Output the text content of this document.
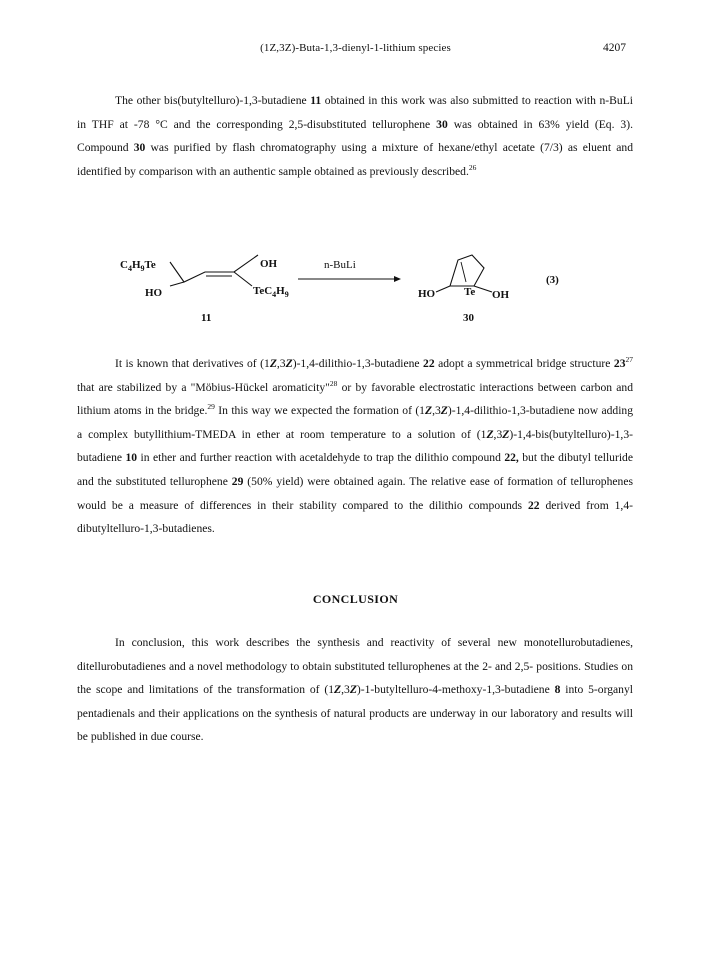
(1Z,3Z)-Buta-1,3-dienyl-1-lithium species	4207

The other bis(butyltelluro)-1,3-butadiene 11 obtained in this work was also submitted to reaction with n-BuLi in THF at -78 °C and the corresponding 2,5-disubstituted tellurophene 30 was obtained in 63% yield (Eq. 3). Compound 30 was purified by flash chromatography using a mixture of hexane/ethyl acetate (7/3) as eluent and identified by comparison with an authentic sample obtained as previously described.$^{26}$

$C_4H_9Te$	OH
HO	$TeC_4H_9$
n-BuLi
HO	Te OH
(3)
11	30

It is known that derivatives of (1Z,3Z)-1,4-dilithio-1,3-butadiene 22 adopt a symmetrical bridge structure $23^{27}$ that are stabilized by a "Möbius-Hückel aromaticity"$^{28}$ or by favorable electrostatic interactions between carbon and lithium atoms in the bridge.$^{29}$ In this way we expected the formation of (1Z,3Z)-1,4-dilithio-1,3-butadiene now adding a complex butyllithium-TMEDA in ether at room temperature to a solution of (1Z,3Z)-1,4-bis(butyltelluro)-1,3-butadiene 10 in ether and further reaction with acetaldehyde to trap the dilithio compound 22, but the dibutyl telluride and the substituted tellurophene 29 (50% yield) were obtained again. The relative ease of formation of tellurophenes would be a measure of differences in their stability compared to the dilithio compounds 22 derived from 1,4-dibutyltelluro-1,3-butadienes.

CONCLUSION

In conclusion, this work describes the synthesis and reactivity of several new monotellurobutadienes, ditellurobutadienes and a novel methodology to obtain substituted tellurophenes at the 2- and 2,5- positions. Studies on the scope and limitations of the transformation of (1Z,3Z)-1-butyltelluro-4-methoxy-1,3-butadiene 8 into 5-organyl pentadienals and their applications on the synthesis of natural products are underway in our laboratory and results will be published in due course.
